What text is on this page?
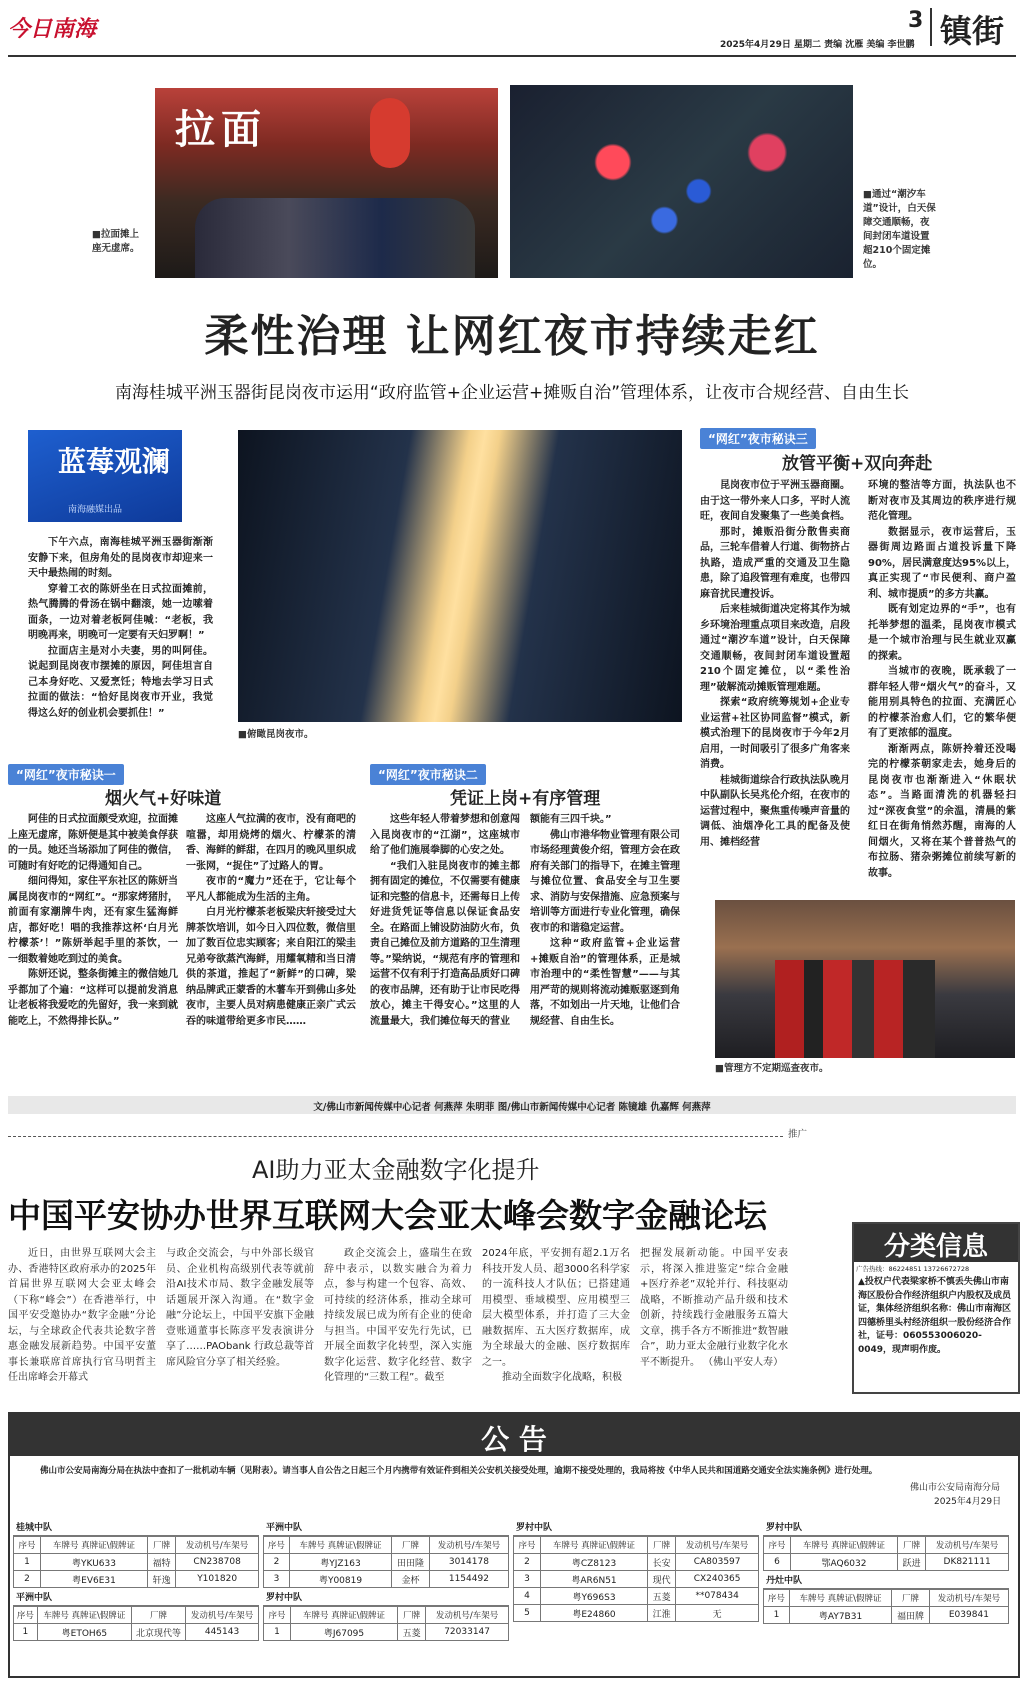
今日南海
2025年4月29日 星期二 责编 沈雁 美编 李世鹏
3 镇街
拉面
■拉面摊上座无虚席。
■通过“潮汐车道”设计，白天保障交通顺畅，夜间封闭车道设置超210个固定摊位。
柔性治理 让网红夜市持续走红
南海桂城平洲玉器街昆岗夜市运用“政府监管+企业运营+摊贩自治”管理体系，让夜市合规经营、自由生长
蓝莓观澜
南海融媒出品

下午六点，南海桂城平洲玉器街渐渐安静下来，但房角处的昆岗夜市却迎来一天中最热闹的时刻。

穿着工衣的陈妍坐在日式拉面摊前，热气腾腾的骨汤在锅中翻滚，她一边嗦着面条，一边对着老板阿佳喊：“老板，我明晚再来，明晚可一定要有天妇罗啊！”

拉面店主是对小夫妻，男的叫阿佳。说起到昆岗夜市摆摊的原因，阿佳坦言自己本身好吃、又爱烹饪；特地去学习日式拉面的做法：“恰好昆岗夜市开业，我觉得这么好的创业机会要抓住！”

■俯瞰昆岗夜市。
“网红”夜市秘诀三
放管平衡+双向奔赴

昆岗夜市位于平洲玉器商圈。由于这一带外来人口多，平时人流旺，夜间自发聚集了一些美食档。

那时，摊贩沿街分散售卖商品，三轮车借着人行道、街物挤占执路，造成严重的交通及卫生隐患，除了追段管理有难度，也带四麻音扰民遭投诉。

后来桂城街道决定将其作为城乡环境治理重点项目来改造，启段通过“潮汐车道”设计，白天保障交通顺畅，夜间封闭车道设置超210个固定摊位，以“柔性治理”破解流动摊贩管理难题。

探索“政府统筹规划+企业专业运营+社区协同监督”模式，新模式治理下的昆岗夜市于今年2月启用，一时间吸引了很多广角客来消费。

桂城街道综合行政执法队晚月中队副队长吴兆伦介绍，在夜市的运营过程中，聚焦重传噪声音量的调低、油烟净化工具的配备及使用、摊档经营

环境的整洁等方面，执法队也不断对夜市及其周边的秩序进行规范化管理。

数据显示，夜市运营后，玉器街周边路面占道投诉量下降90%，居民满意度达95%以上，真正实现了“市民便利、商户盈利、城市提质”的多方共赢。

既有划定边界的“手”，也有托举梦想的温柔，昆岗夜市模式是一个城市治理与民生就业双赢的探索。

当城市的夜晚，既承载了一群年轻人带“烟火气”的奋斗，又能用别具特色的拉面、充满匠心的柠檬茶治愈人们，它的繁华便有了更浓郁的温度。

渐渐两点，陈妍拎着还没喝完的柠檬茶朝家走去，她身后的昆岗夜市也渐渐进入“休眠状态”。当路面清洗的机器轻扫过“深夜食堂”的余温，清晨的紫红日在街角悄然苏醒，南海的人间烟火，又将在某个普普热气的布拉肠、猪杂粥摊位前续写新的故事。

“网红”夜市秘诀一
烟火气+好味道

阿佳的日式拉面颇受欢迎，拉面摊上座无虚席，陈妍便是其中被美食俘获的一员。她还当场添加了阿佳的微信，可随时有好吃的记得通知自己。

细问得知，家住平东社区的陈妍当属昆岗夜市的“网红”。“那家烤猪肘，前面有家潮牌牛肉，还有家生猛海鲜店，都好吃！唱的我推荐这杯‘白月光柠檬茶’！”陈妍举起手里的茶饮，一一细数着她吃到过的美食。

陈妍还说，整条街摊主的微信她几乎都加了个遍：“这样可以提前发消息让老板将我爱吃的先留好，我一来到就能吃上，不然得排长队。”

这座人气拉满的夜市，没有商吧的喧嚣，却用烧烤的烟火、柠檬茶的清香、海鲜的鲜甜，在四月的晚风里织成一张网，“捉住”了过路人的胃。

夜市的“魔力”还在于，它让每个平凡人都能成为生活的主角。

白月光柠檬茶老板梁庆轩接受过大牌茶饮培训，如今日入四位数，微信里加了数百位忠实顾客；来自阳江的梁圭兄弟夸欲蒸汽海鲜，用耀氧精和当日清供的茶道，推起了“新鲜”的口碑，梁纳品牌武正蒙香的木薯车开到佛山多处夜市，主要人员对病患健康正亲广式云吞的味道带给更多市民……

“网红”夜市秘诀二
凭证上岗+有序管理

这些年轻人带着梦想和创意闯入昆岗夜市的“江湖”，这座城市给了他们施展拳脚的心安之处。

“我们入驻昆岗夜市的摊主都拥有固定的摊位，不仅需要有健康证和完整的信息卡，还需每日上传好进货凭证等信息以保证食品安全。在路面上铺设防油防火布，负责自己摊位及前方道路的卫生清理等。”梁纳说，“规范有序的管理和运营不仅有利于打造高品质好口碑的夜市品牌，还有助于让市民吃得放心，摊主干得安心。”这里的人流量最大，我们摊位每天的营业

额能有三四千块。”

佛山市港华物业管理有限公司市场经理黄俊介绍，管理方会在政府有关部门的指导下，在摊主管理与摊位位置、食品安全与卫生要求、消防与安保措施、应急预案与培训等方面进行专业化管理，确保夜市的和谐稳定运营。

这种“政府监管+企业运营+摊贩自治”的管理体系，正是城市治理中的“柔性智慧”——与其用严苛的规则将流动摊贩驱逐到角落，不如划出一片天地，让他们合规经营、自由生长。

■管理方不定期巡查夜市。
文/佛山市新闻传媒中心记者 何燕萍 朱明菲 图/佛山市新闻传媒中心记者 陈镜雄 仇嘉辉 何燕萍
推广
AI助力亚太金融数字化提升
中国平安协办世界互联网大会亚太峰会数字金融论坛

近日，由世界互联网大会主办、香港特区政府承办的2025年首届世界互联网大会亚太峰会（下称“峰会”）在香港举行，中国平安受邀协办“数字金融”分论坛，与全球政企代表共论数字普惠金融发展新趋势。中国平安董事长兼联席首席执行官马明哲主任出席峰会开幕式

与政企交流会，与中外部长级官员、企业机构高级别代表等就前沿AI技术市局、数字金融发展等话题展开深入沟通。在“数字金融”分论坛上，中国平安旗下金融壹账通董事长陈彦平发表演讲分享了……PAObank 行政总裁等首席风险官分享了相关经验。

政企交流会上，盛瑞生在致辞中表示，以数实融合为着力点，参与构建一个包容、高效、可持续的经济体系，推动全球可持续发展已成为所有企业的使命与担当。中国平安先行先试，已开展全面数字化转型，深入实施数字化运营、数字化经营、数字化管理的“三数工程”。截至

2024年底，平安拥有超2.1万名科技开发人员、超3000名科学家的一流科技人才队伍；已搭建通用模型、垂域模型、应用模型三层大模型体系，并打造了三大金融数据库、五大医疗数据库，成为全球最大的金融、医疗数据库之一。

推动全面数字化战略，积极

把握发展新动能。中国平安表示，将深入推进鉴定“综合金融+医疗养老”双轮并行、科技驱动战略，不断推动产品升级和技术创新，持续践行金融服务五篇大文章，携手各方不断推进“数智融合”，助力亚太金融行业数字化水平不断提升。 （佛山平安人寿）

分类信息
广告热线：86224851 13726672728
▲投权户代表梁家桥不慎丢失佛山市南海区股份合作经济组织户内股权及成员证，集体经济组织名称：佛山市南海区四德桥里头村经济组织一股份经济合作社，证号：060553006020-0049，现声明作废。
公 告
佛山市公安局南海分局在执法中查扣了一批机动车辆（见附表）。请当事人自公告之日起三个月内携带有效证件到相关公安机关接受处理，逾期不接受处理的，我局将按《中华人民共和国道路交通安全法实施条例》进行处理。
佛山市公安局南海分局
2025年4月29日
桂城中队
序号	车牌号 真牌证\假牌证	厂牌	发动机号/车架号
1	粤YKU633	福特	CN238708
2	粤EV6E31	轩逸	Y101820
平洲中队
序号	车牌号 真牌证\假牌证	厂牌	发动机号/车架号
1	粤ETOH65	北京现代等	445143
平洲中队
序号	车牌号 真牌证\假牌证	厂牌	发动机号/车架号
2	粤YJZ163	田田隆	3014178
3	粤Y00819	金杯	1154492
罗村中队
序号	车牌号 真牌证\假牌证	厂牌	发动机号/车架号
1	粤J67095	五菱	72033147
罗村中队
序号	车牌号 真牌证\假牌证	厂牌	发动机号/车架号
2	粤CZ8123	长安	CA803597
3	粤AR6N51	现代	CX240365
4	粤Y696S3	五菱	**078434
5	粤E24860	江淮	无
罗村中队
序号	车牌号 真牌证\假牌证	厂牌	发动机号/车架号
6	鄂AQ6032	跃进	DK821111
丹灶中队
序号	车牌号 真牌证\假牌证	厂牌	发动机号/车架号
1	粤AY7B31	福田牌	E039841
